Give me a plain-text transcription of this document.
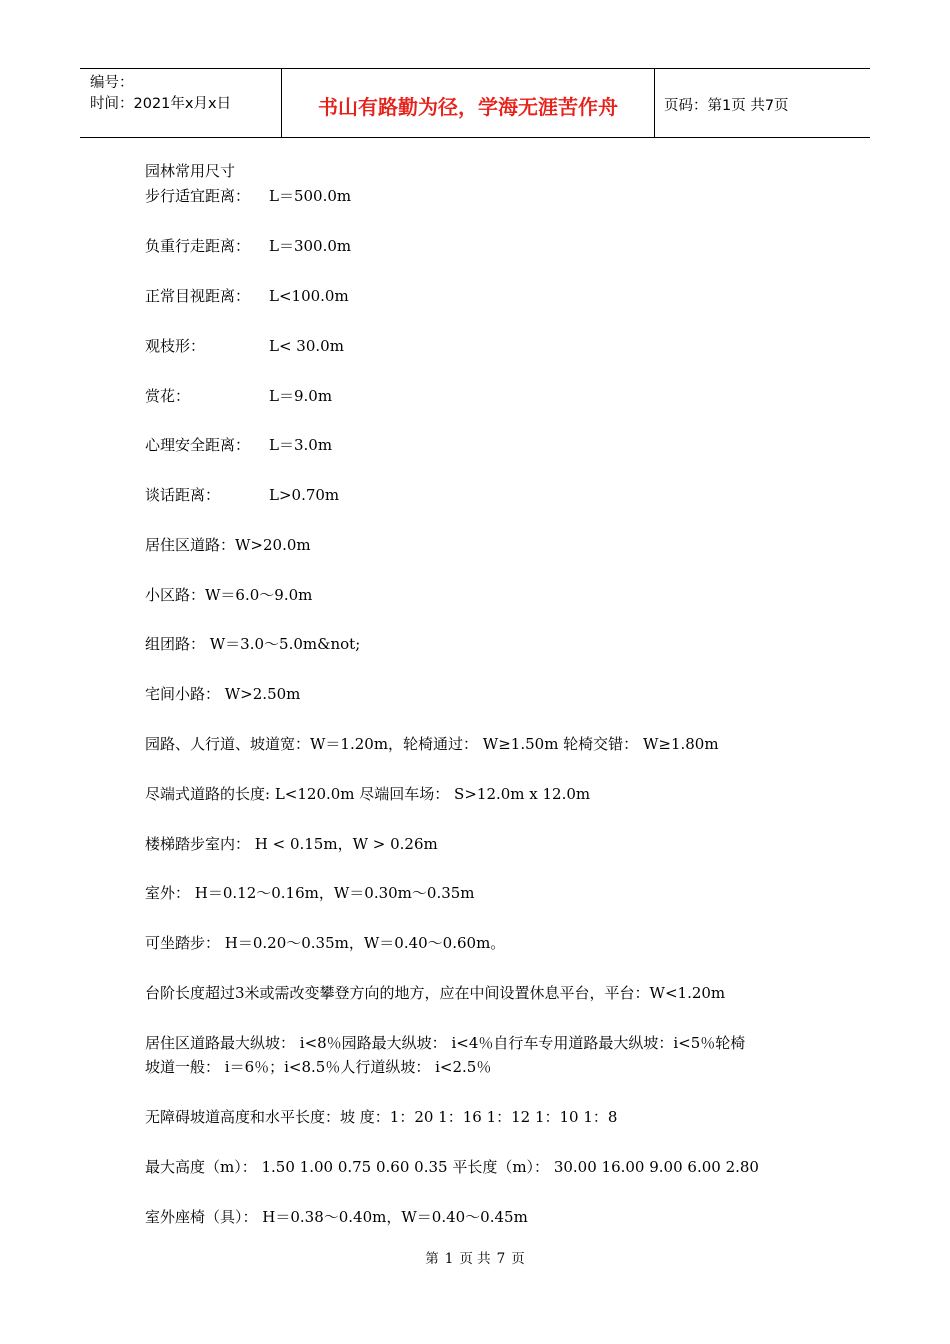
编号：
时间：2021年x月x日	书山有路勤为径，学海无涯苦作舟	页码：第1页 共7页
园林常用尺寸
步行适宜距离： L＝500.0m
负重行走距离： L＝300.0m
正常目视距离： L<100.0m
观枝形：	L< 30.0m
赏花：	L＝9.0m
心理安全距离： L＝3.0m
谈话距离：	L>0.70m
居住区道路：W>20.0m
小区路：W＝6.0～9.0m
组团路： W＝3.0～5.0m&not;
宅间小路： W>2.50m
园路、人行道、坡道宽：W＝1.20m，轮椅通过： W≥1.50m 轮椅交错： W≥1.80m
尽端式道路的长度: L<120.0m 尽端回车场： S>12.0m x 12.0m
楼梯踏步室内： H < 0.15m，W > 0.26m
室外： H＝0.12～0.16m，W＝0.30m～0.35m
可坐踏步： H＝0.20～0.35m，W＝0.40～0.60m。
台阶长度超过3米或需改变攀登方向的地方，应在中间设置休息平台，平台：W<1.20m
居住区道路最大纵坡： i<8％园路最大纵坡： i<4％自行车专用道路最大纵坡：i<5％轮椅
坡道一般： i＝6％；i<8.5％人行道纵坡： i<2.5％
无障碍坡道高度和水平长度：坡 度：1：20 1：16 1：12 1：10 1：8
最大高度（m）： 1.50 1.00 0.75 0.60 0.35 平长度（m）： 30.00 16.00 9.00 6.00 2.80
室外座椅（具）： H＝0.38～0.40m，W＝0.40～0.45m
第 1 页 共 7 页
